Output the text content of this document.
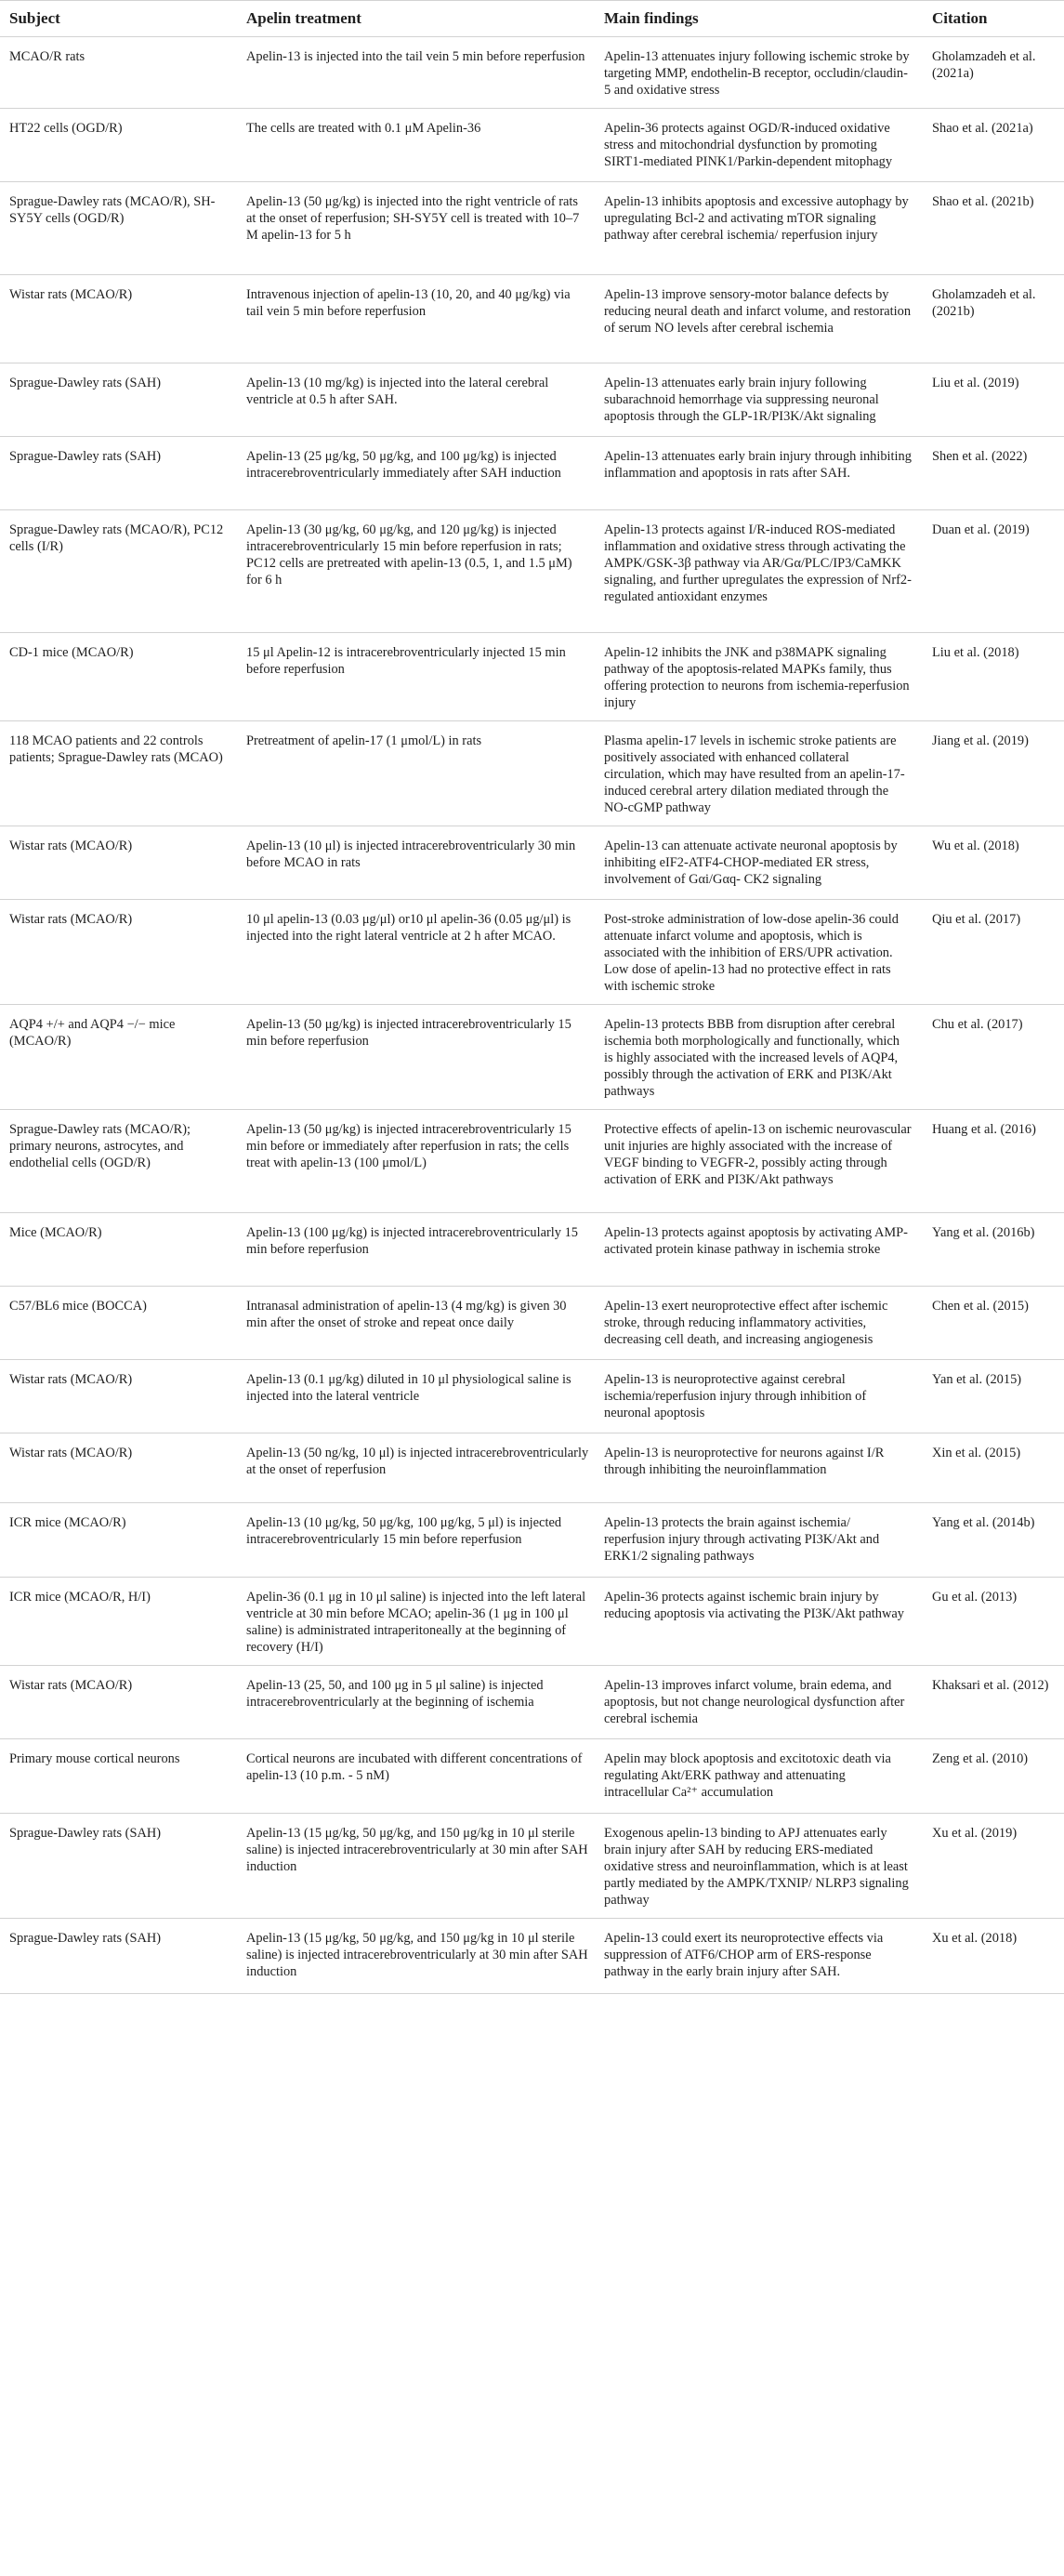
Subject	Apelin treatment	Main findings	Citation
MCAO/R rats	Apelin-13 is injected into the tail vein 5 min before reperfusion	Apelin-13 attenuates injury following ischemic stroke by targeting MMP, endothelin-B receptor, occludin/claudin-5 and oxidative stress	Gholamzadeh et al. (2021a)
HT22 cells (OGD/R)	The cells are treated with 0.1 μM Apelin-36	Apelin-36 protects against OGD/R-induced oxidative stress and mitochondrial dysfunction by promoting SIRT1-mediated PINK1/Parkin-dependent mitophagy	Shao et al. (2021a)
Sprague-Dawley rats (MCAO/R), SH-SY5Y cells (OGD/R)	Apelin-13 (50 μg/kg) is injected into the right ventricle of rats at the onset of reperfusion; SH-SY5Y cell is treated with 10–7 M apelin-13 for 5 h	Apelin-13 inhibits apoptosis and excessive autophagy by upregulating Bcl-2 and activating mTOR signaling pathway after cerebral ischemia/ reperfusion injury	Shao et al. (2021b)
Wistar rats (MCAO/R)	Intravenous injection of apelin-13 (10, 20, and 40 μg/kg) via tail vein 5 min before reperfusion	Apelin-13 improve sensory-motor balance defects by reducing neural death and infarct volume, and restoration of serum NO levels after cerebral ischemia	Gholamzadeh et al. (2021b)
Sprague-Dawley rats (SAH)	Apelin-13 (10 mg/kg) is injected into the lateral cerebral ventricle at 0.5 h after SAH.	Apelin-13 attenuates early brain injury following subarachnoid hemorrhage via suppressing neuronal apoptosis through the GLP-1R/PI3K/Akt signaling	Liu et al. (2019)
Sprague-Dawley rats (SAH)	Apelin-13 (25 μg/kg, 50 μg/kg, and 100 μg/kg) is injected intracerebroventricularly immediately after SAH induction	Apelin-13 attenuates early brain injury through inhibiting inflammation and apoptosis in rats after SAH.	Shen et al. (2022)
Sprague-Dawley rats (MCAO/R), PC12 cells (I/R)	Apelin-13 (30 μg/kg, 60 μg/kg, and 120 μg/kg) is injected intracerebroventricularly 15 min before reperfusion in rats; PC12 cells are pretreated with apelin-13 (0.5, 1, and 1.5 μM) for 6 h	Apelin-13 protects against I/R-induced ROS-mediated inflammation and oxidative stress through activating the AMPK/GSK-3β pathway via AR/Gα/PLC/IP3/CaMKK signaling, and further upregulates the expression of Nrf2-regulated antioxidant enzymes	Duan et al. (2019)
CD-1 mice (MCAO/R)	15 μl Apelin-12 is intracerebroventricularly injected 15 min before reperfusion	Apelin-12 inhibits the JNK and p38MAPK signaling pathway of the apoptosis-related MAPKs family, thus offering protection to neurons from ischemia-reperfusion injury	Liu et al. (2018)
118 MCAO patients and 22 controls patients; Sprague-Dawley rats (MCAO)	Pretreatment of apelin-17 (1 μmol/L) in rats	Plasma apelin-17 levels in ischemic stroke patients are positively associated with enhanced collateral circulation, which may have resulted from an apelin-17-induced cerebral artery dilation mediated through the NO-cGMP pathway	Jiang et al. (2019)
Wistar rats (MCAO/R)	Apelin-13 (10 μl) is injected intracerebroventricularly 30 min before MCAO in rats	Apelin-13 can attenuate activate neuronal apoptosis by inhibiting eIF2-ATF4-CHOP-mediated ER stress, involvement of Gαi/Gαq- CK2 signaling	Wu et al. (2018)
Wistar rats (MCAO/R)	10 μl apelin-13 (0.03 μg/μl) or10 μl apelin-36 (0.05 μg/μl) is injected into the right lateral ventricle at 2 h after MCAO.	Post-stroke administration of low-dose apelin-36 could attenuate infarct volume and apoptosis, which is associated with the inhibition of ERS/UPR activation. Low dose of apelin-13 had no protective effect in rats with ischemic stroke	Qiu et al. (2017)
AQP4 +/+ and AQP4 −/− mice (MCAO/R)	Apelin-13 (50 μg/kg) is injected intracerebroventricularly 15 min before reperfusion	Apelin-13 protects BBB from disruption after cerebral ischemia both morphologically and functionally, which is highly associated with the increased levels of AQP4, possibly through the activation of ERK and PI3K/Akt pathways	Chu et al. (2017)
Sprague-Dawley rats (MCAO/R); primary neurons, astrocytes, and endothelial cells (OGD/R)	Apelin-13 (50 μg/kg) is injected intracerebroventricularly 15 min before or immediately after reperfusion in rats; the cells treat with apelin-13 (100 μmol/L)	Protective effects of apelin-13 on ischemic neurovascular unit injuries are highly associated with the increase of VEGF binding to VEGFR-2, possibly acting through activation of ERK and PI3K/Akt pathways	Huang et al. (2016)
Mice (MCAO/R)	Apelin-13 (100 μg/kg) is injected intracerebroventricularly 15 min before reperfusion	Apelin-13 protects against apoptosis by activating AMP-activated protein kinase pathway in ischemia stroke	Yang et al. (2016b)
C57/BL6 mice (BOCCA)	Intranasal administration of apelin-13 (4 mg/kg) is given 30 min after the onset of stroke and repeat once daily	Apelin-13 exert neuroprotective effect after ischemic stroke, through reducing inflammatory activities, decreasing cell death, and increasing angiogenesis	Chen et al. (2015)
Wistar rats (MCAO/R)	Apelin-13 (0.1 μg/kg) diluted in 10 μl physiological saline is injected into the lateral ventricle	Apelin-13 is neuroprotective against cerebral ischemia/reperfusion injury through inhibition of neuronal apoptosis	Yan et al. (2015)
Wistar rats (MCAO/R)	Apelin-13 (50 ng/kg, 10 μl) is injected intracerebroventricularly at the onset of reperfusion	Apelin-13 is neuroprotective for neurons against I/R through inhibiting the neuroinflammation	Xin et al. (2015)
ICR mice (MCAO/R)	Apelin-13 (10 μg/kg, 50 μg/kg, 100 μg/kg, 5 μl) is injected intracerebroventricularly 15 min before reperfusion	Apelin-13 protects the brain against ischemia/ reperfusion injury through activating PI3K/Akt and ERK1/2 signaling pathways	Yang et al. (2014b)
ICR mice (MCAO/R, H/I)	Apelin-36 (0.1 μg in 10 μl saline) is injected into the left lateral ventricle at 30 min before MCAO; apelin-36 (1 μg in 100 μl saline) is administrated intraperitoneally at the beginning of recovery (H/I)	Apelin-36 protects against ischemic brain injury by reducing apoptosis via activating the PI3K/Akt pathway	Gu et al. (2013)
Wistar rats (MCAO/R)	Apelin-13 (25, 50, and 100 μg in 5 μl saline) is injected intracerebroventricularly at the beginning of ischemia	Apelin-13 improves infarct volume, brain edema, and apoptosis, but not change neurological dysfunction after cerebral ischemia	Khaksari et al. (2012)
Primary mouse cortical neurons	Cortical neurons are incubated with different concentrations of apelin-13 (10 p.m. - 5 nM)	Apelin may block apoptosis and excitotoxic death via regulating Akt/ERK pathway and attenuating intracellular Ca²⁺ accumulation	Zeng et al. (2010)
Sprague-Dawley rats (SAH)	Apelin-13 (15 μg/kg, 50 μg/kg, and 150 μg/kg in 10 μl sterile saline) is injected intracerebroventricularly at 30 min after SAH induction	Exogenous apelin-13 binding to APJ attenuates early brain injury after SAH by reducing ERS-mediated oxidative stress and neuroinflammation, which is at least partly mediated by the AMPK/TXNIP/ NLRP3 signaling pathway	Xu et al. (2019)
Sprague-Dawley rats (SAH)	Apelin-13 (15 μg/kg, 50 μg/kg, and 150 μg/kg in 10 μl sterile saline) is injected intracerebroventricularly at 30 min after SAH induction	Apelin-13 could exert its neuroprotective effects via suppression of ATF6/CHOP arm of ERS-response pathway in the early brain injury after SAH.	Xu et al. (2018)
